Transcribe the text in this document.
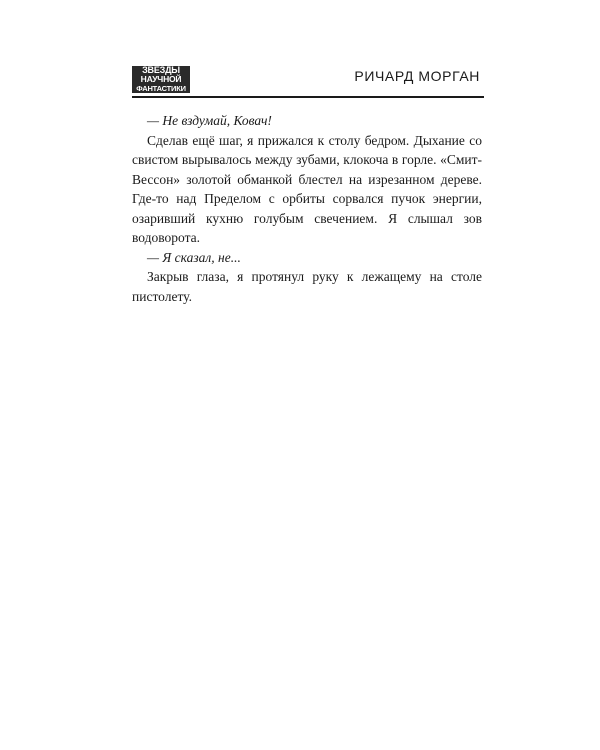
ЗВЁЗДЫ
НАУЧНОЙ
ФАНТАСТИКИ
РИЧАРД МОРГАН

— Не вздумай, Ковач!

Сделав ещё шаг, я прижался к столу бедром. Дыхание со свистом вырывалось между зубами, клокоча в горле. «Смит-Вессон» золотой обманкой блестел на изрезанном дереве. Где-то над Пределом с орбиты сорвался пучок энергии, озаривший кухню голубым свечением. Я слышал зов водоворота.

— Я сказал, не...

Закрыв глаза, я протянул руку к лежащему на столе пистолету.
